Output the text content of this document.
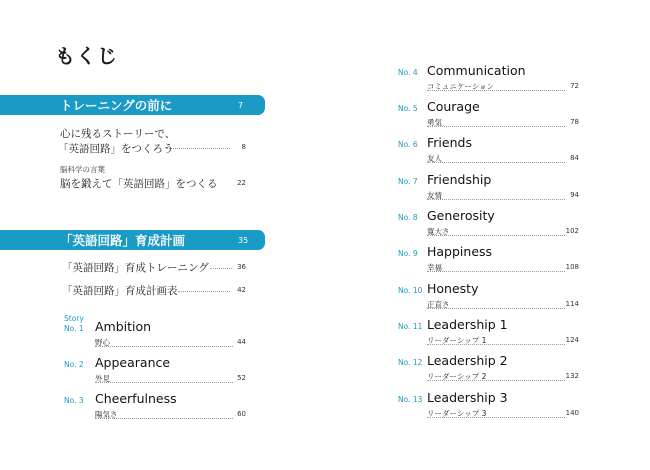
もくじ
トレーニングの前に	7
心に残るストーリーで、
「英語回路」をつくろう	8
脳科学の言葉
脳を鍛えて「英語回路」をつくる	22
「英語回路」育成計画	35
「英語回路」育成トレーニング	36
「英語回路」育成計画表	42
Story
No. 1 Ambition
野心	44
No. 2 Appearance
外見	52
No. 3 Cheerfulness
陽気さ	60
No. 4 Communication
コミュニケーション	72
No. 5 Courage
勇気	78
No. 6 Friends
友人	84
No. 7 Friendship
友情	94
No. 8 Generosity
寛大さ	102
No. 9 Happiness
幸福	108
No. 10 Honesty
正直さ	114
No. 11 Leadership 1
リーダーシップ 1	124
No. 12 Leadership 2
リーダーシップ 2	132
No. 13 Leadership 3
リーダーシップ 3	140
